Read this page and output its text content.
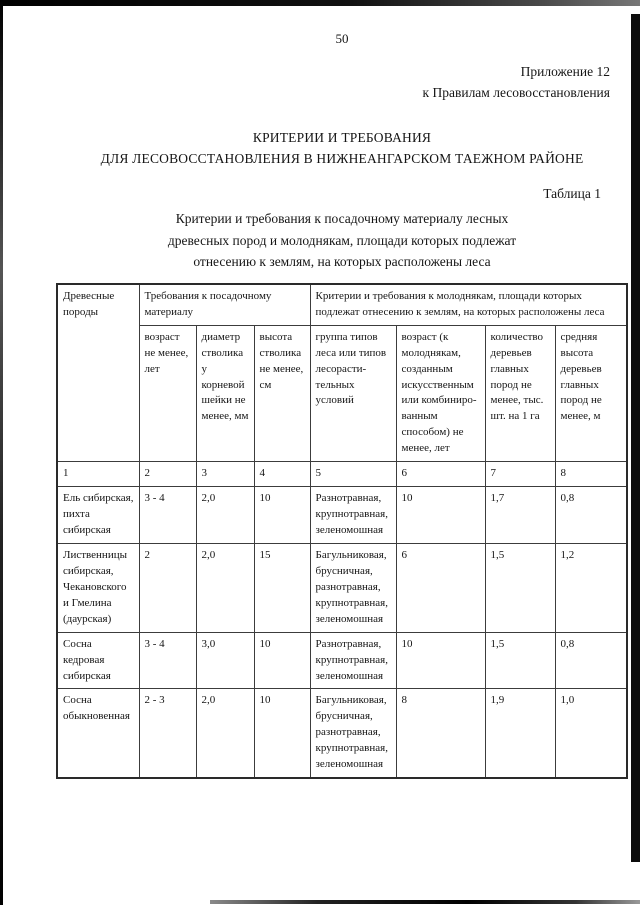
50
Приложение 12
к Правилам лесовосстановления
КРИТЕРИИ И ТРЕБОВАНИЯ
ДЛЯ ЛЕСОВОССТАНОВЛЕНИЯ В НИЖНЕАНГАРСКОМ ТАЕЖНОМ РАЙОНЕ
Таблица 1
Критерии и требования к посадочному материалу лесных
древесных пород и молоднякам, площади которых подлежат
отнесению к землям, на которых расположены леса
Древесные породы	Требования к посадочному материалу			Критерии и требования к молоднякам, площади которых подлежат отнесению к землям, на которых расположены леса			
	возраст не менее, лет	диаметр стволика у корневой шейки не менее, мм	высота стволика не менее, см	группа типов леса или типов лесорастительных условий	возраст (к молоднякам, созданным искусственным или комбинированным способом) не менее, лет	количество деревьев главных пород не менее, тыс. шт. на 1 га	средняя высота деревьев главных пород не менее, м
1	2	3	4	5	6	7	8
Ель сибирская, пихта сибирская	3 - 4	2,0	10	Разнотравная, крупнотравная, зеленомошная	10	1,7	0,8
Лиственницы сибирская, Чекановского и Гмелина (даурская)	2	2,0	15	Багульниковая, брусничная, разнотравная, крупнотравная, зеленомошная	6	1,5	1,2
Сосна кедровая сибирская	3 - 4	3,0	10	Разнотравная, крупнотравная, зеленомошная	10	1,5	0,8
Сосна обыкновенная	2 - 3	2,0	10	Багульниковая, брусничная, разнотравная, крупнотравная, зеленомошная	8	1,9	1,0
